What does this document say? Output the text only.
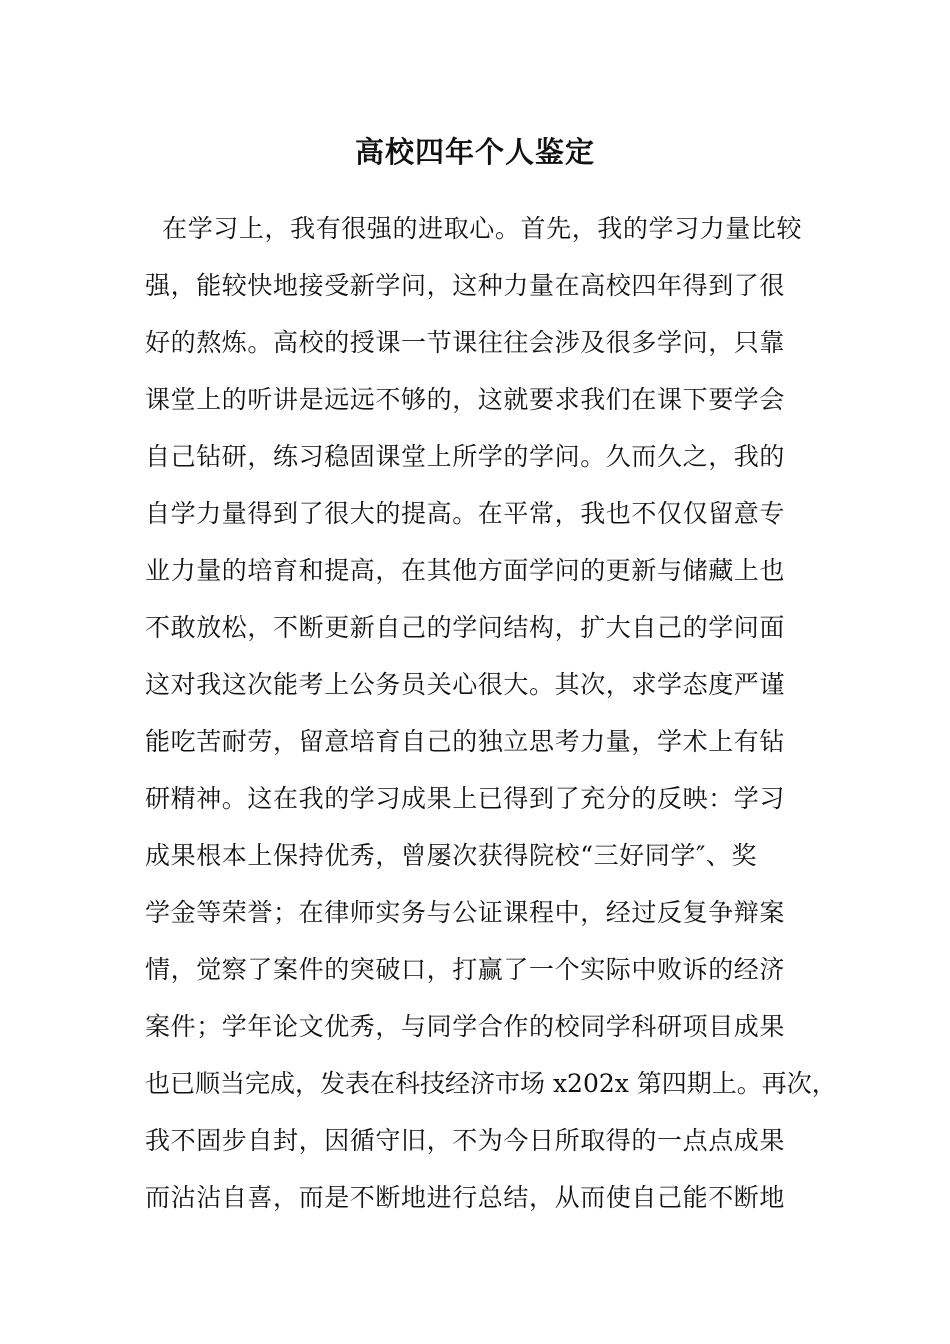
高校四年个人鉴定
在学习上，我有很强的进取心。首先，我的学习力量比较
强，能较快地接受新学问，这种力量在高校四年得到了很
好的熬炼。高校的授课一节课往往会涉及很多学问，只靠
课堂上的听讲是远远不够的，这就要求我们在课下要学会
自己钻研，练习稳固课堂上所学的学问。久而久之，我的
自学力量得到了很大的提高。在平常，我也不仅仅留意专
业力量的培育和提高，在其他方面学问的更新与储藏上也
不敢放松，不断更新自己的学问结构，扩大自己的学问面
这对我这次能考上公务员关心很大。其次，求学态度严谨
能吃苦耐劳，留意培育自己的独立思考力量，学术上有钻
研精神。这在我的学习成果上已得到了充分的反映：学习
成果根本上保持优秀，曾屡次获得院校“三好同学″、奖
学金等荣誉；在律师实务与公证课程中，经过反复争辩案
情，觉察了案件的突破口，打赢了一个实际中败诉的经济
案件；学年论文优秀，与同学合作的校同学科研项目成果
也已顺当完成，发表在科技经济市场 x202x 第四期上。再次，
我不固步自封，因循守旧，不为今日所取得的一点点成果
而沾沾自喜，而是不断地进行总结，从而使自己能不断地
